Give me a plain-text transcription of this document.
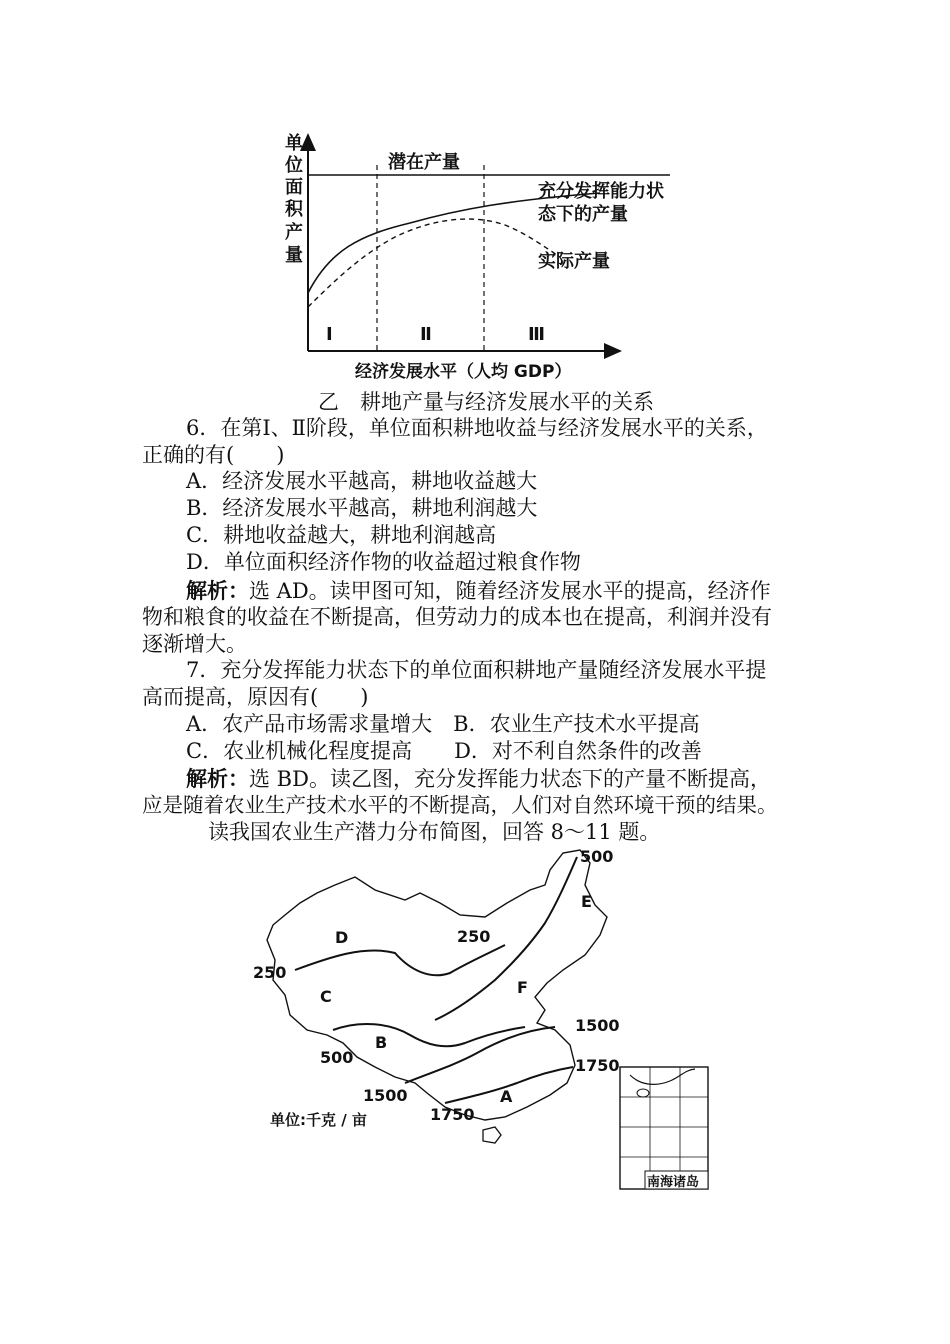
单
位
面
积
产
量
潜在产量
充分发挥能力状
态下的产量
实际产量
Ⅰ	Ⅱ	Ⅲ
经济发展水平（人均 GDP）
乙　耕地产量与经济发展水平的关系
6．在第Ⅰ、Ⅱ阶段，单位面积耕地收益与经济发展水平的关系，
正确的有(　　)
A．经济发展水平越高，耕地收益越大
B．经济发展水平越高，耕地利润越大
C．耕地收益越大，耕地利润越高
D．单位面积经济作物的收益超过粮食作物
解析：选 AD。读甲图可知，随着经济发展水平的提高，经济作
物和粮食的收益在不断提高，但劳动力的成本也在提高，利润并没有
逐渐增大。
7．充分发挥能力状态下的单位面积耕地产量随经济发展水平提
高而提高，原因有(　　)
A．农产品市场需求量增大　B．农业生产技术水平提高
C．农业机械化程度提高　　D．对不利自然条件的改善
解析：选 BD。读乙图，充分发挥能力状态下的产量不断提高，
应是随着农业生产技术水平的不断提高，人们对自然环境干预的结果。
读我国农业生产潜力分布简图，回答 8～11 题。
500
250
250
1500
1750
500
1500
1750
A
B
C
D
E
F
单位:千克 / 亩
南海诸岛
